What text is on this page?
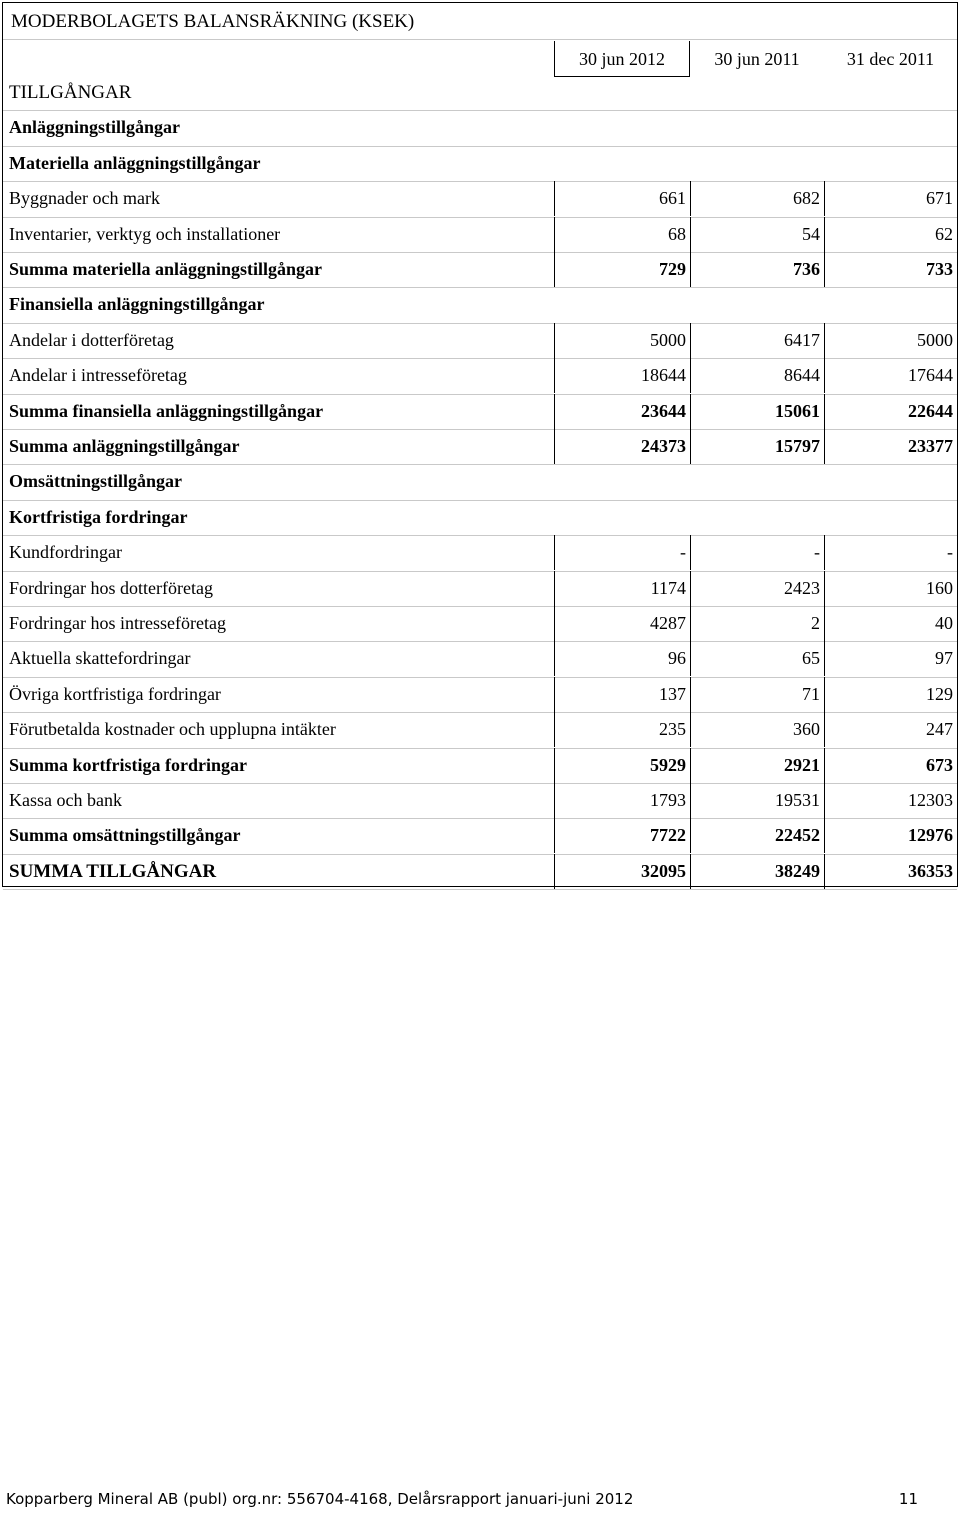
MODERBOLAGETS BALANSRÄKNING (KSEK)
30 jun 2012	30 jun 2011	31 dec 2011
TILLGÅNGAR
Anläggningstillgångar
Materiella anläggningstillgångar
Byggnader och mark	661	682	671
Inventarier, verktyg och installationer	68	54	62
Summa materiella anläggningstillgångar	729	736	733
Finansiella anläggningstillgångar
Andelar i dotterföretag	5000	6417	5000
Andelar i intresseföretag	18644	8644	17644
Summa finansiella anläggningstillgångar	23644	15061	22644
Summa anläggningstillgångar	24373	15797	23377
Omsättningstillgångar
Kortfristiga fordringar
Kundfordringar	-	-	-
Fordringar hos dotterföretag	1174	2423	160
Fordringar hos intresseföretag	4287	2	40
Aktuella skattefordringar	96	65	97
Övriga kortfristiga fordringar	137	71	129
Förutbetalda kostnader och upplupna intäkter	235	360	247
Summa kortfristiga fordringar	5929	2921	673
Kassa och bank	1793	19531	12303
Summa omsättningstillgångar	7722	22452	12976
SUMMA TILLGÅNGAR	32095	38249	36353
Kopparberg Mineral AB (publ) org.nr: 556704-4168, Delårsrapport januari-juni 2012	11
